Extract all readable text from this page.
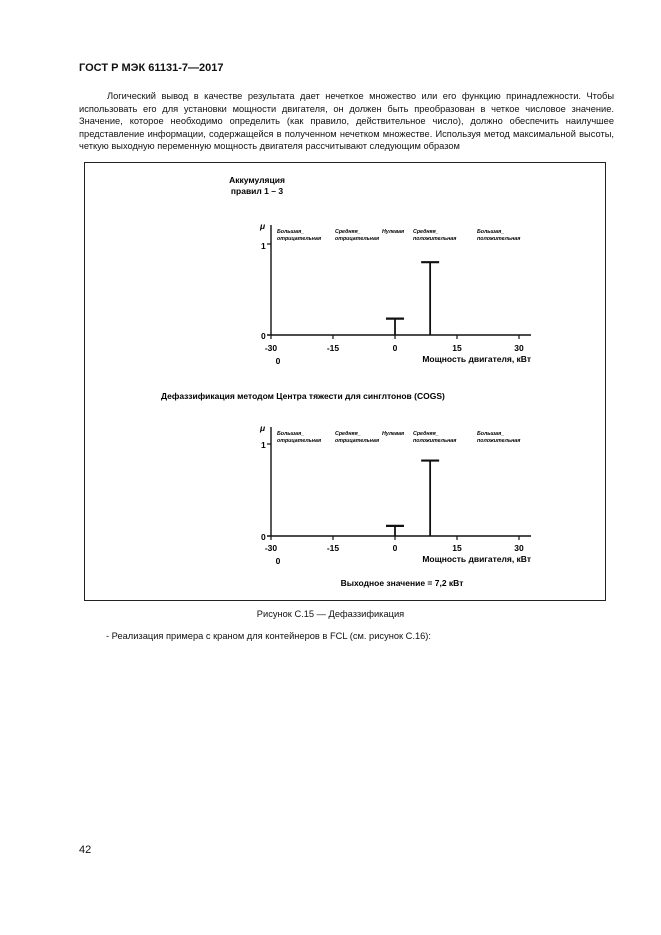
ГОСТ Р МЭК 61131-7—2017
Логический вывод в качестве результата дает нечеткое множество или его функцию принадлежности. Чтобы использовать его для установки мощности двигателя, он должен быть преобразован в четкое числовое значение. Значение, которое необходимо определить (как правило, действительное число), должно обеспечить наилучшее представление информации, содержащейся в полученном нечетком множестве. Используя метод максимальной высоты, четкую выходную переменную мощность двигателя рассчитывают следующим образом
Аккумуляция
правил 1 – 3
μ
1
0
-30	-15	0	15	30
Большая_
отрицательная
Средняя_
отрицательная
Нулевая Средняя_
положительная
Большая_
положительная
0	Мощность двигателя, кВт
Дефаззификация методом Центра тяжести для синглтонов (COGS)
μ
1
0
-30	-15	0	15	30
Большая_
отрицательная
Средняя_
отрицательная
Нулевая Средняя_
положительная
Большая_
положительная
0	Мощность двигателя, кВт
Выходное значение = 7,2 кВт
Рисунок С.15 — Дефаззификация
- Реализация примера с краном для контейнеров в FCL (см. рисунок С.16):
42
